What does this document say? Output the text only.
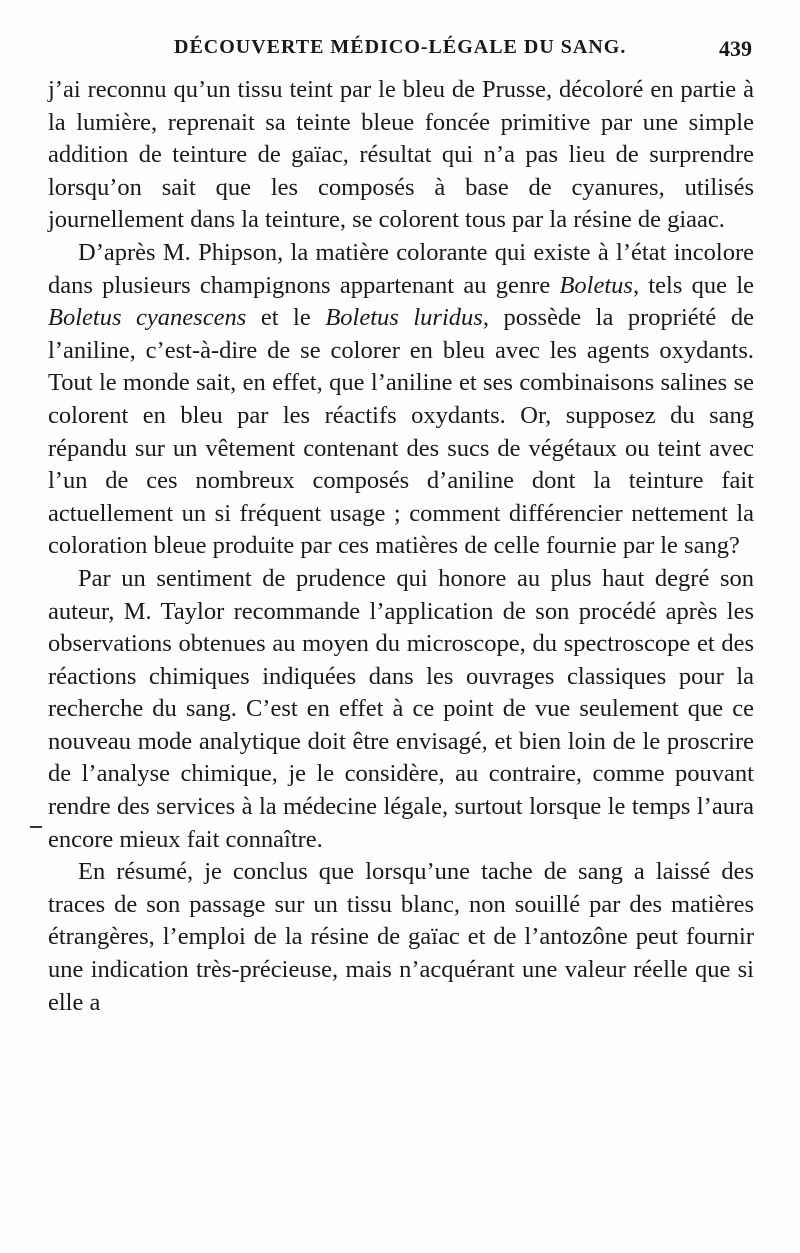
DÉCOUVERTE MÉDICO-LÉGALE DU SANG.	439

j’ai reconnu qu’un tissu teint par le bleu de Prusse, décoloré en partie à la lumière, reprenait sa teinte bleue foncée primitive par une simple addition de teinture de gaïac, résultat qui n’a pas lieu de surprendre lorsqu’on sait que les composés à base de cyanures, utilisés journellement dans la teinture, se colorent tous par la résine de giaac.

D’après M. Phipson, la matière colorante qui existe à l’état incolore dans plusieurs champignons appartenant au genre Boletus, tels que le Boletus cyanescens et le Boletus luridus, possède la propriété de l’aniline, c’est-à-dire de se colorer en bleu avec les agents oxydants. Tout le monde sait, en effet, que l’aniline et ses combinaisons salines se colorent en bleu par les réactifs oxydants. Or, supposez du sang répandu sur un vêtement contenant des sucs de végétaux ou teint avec l’un de ces nombreux composés d’aniline dont la teinture fait actuellement un si fréquent usage ; comment différencier nettement la coloration bleue produite par ces matières de celle fournie par le sang?

Par un sentiment de prudence qui honore au plus haut degré son auteur, M. Taylor recommande l’application de son procédé après les observations obtenues au moyen du microscope, du spectroscope et des réactions chimiques indiquées dans les ouvrages classiques pour la recherche du sang. C’est en effet à ce point de vue seulement que ce nouveau mode analytique doit être envisagé, et bien loin de le proscrire de l’analyse chimique, je le considère, au contraire, comme pouvant rendre des services à la médecine légale, surtout lorsque le temps l’aura encore mieux fait connaître.

En résumé, je conclus que lorsqu’une tache de sang a laissé des traces de son passage sur un tissu blanc, non souillé par des matières étrangères, l’emploi de la résine de gaïac et de l’antozône peut fournir une indication très-précieuse, mais n’acquérant une valeur réelle que si elle a
